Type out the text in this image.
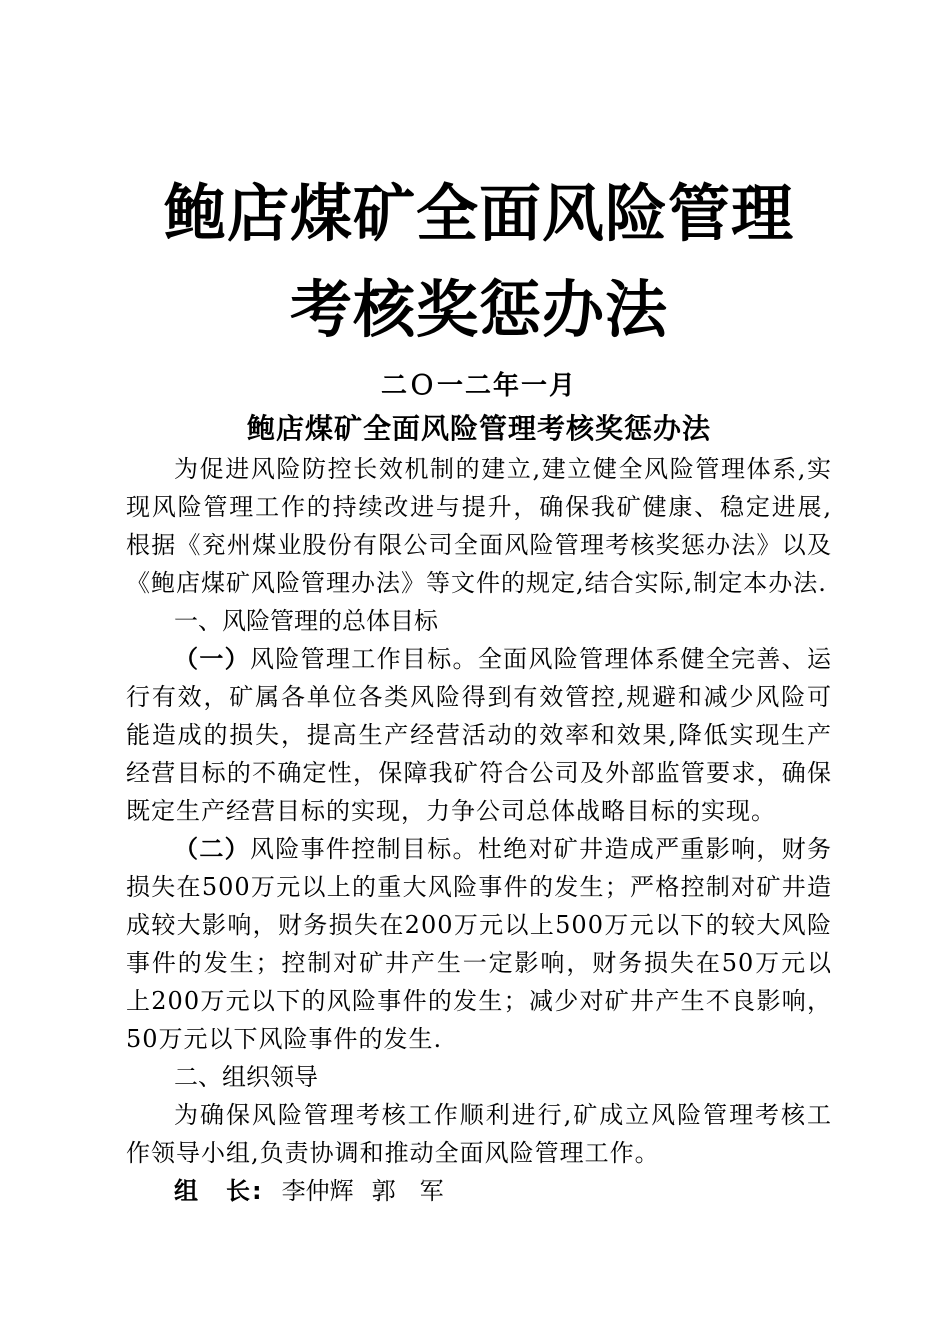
鲍店煤矿全面风险管理
考核奖惩办法
二Ｏ一二年一月
鲍店煤矿全面风险管理考核奖惩办法

为促进风险防控长效机制的建立,建立健全风险管理体系,实现风险管理工作的持续改进与提升，确保我矿健康、稳定进展,根据《兖州煤业股份有限公司全面风险管理考核奖惩办法》以及《鲍店煤矿风险管理办法》等文件的规定,结合实际,制定本办法.

一、风险管理的总体目标

（一）风险管理工作目标。全面风险管理体系健全完善、运行有效，矿属各单位各类风险得到有效管控,规避和减少风险可能造成的损失，提高生产经营活动的效率和效果,降低实现生产经营目标的不确定性，保障我矿符合公司及外部监管要求，确保既定生产经营目标的实现，力争公司总体战略目标的实现。

（二）风险事件控制目标。杜绝对矿井造成严重影响，财务损失在500万元以上的重大风险事件的发生；严格控制对矿井造成较大影响，财务损失在200万元以上500万元以下的较大风险事件的发生；控制对矿井产生一定影响，财务损失在50万元以上200万元以下的风险事件的发生；减少对矿井产生不良影响，50万元以下风险事件的发生.

二、组织领导

为确保风险管理考核工作顺利进行,矿成立风险管理考核工作领导小组,负责协调和推动全面风险管理工作。

组　长: 李仲辉 郭　军
